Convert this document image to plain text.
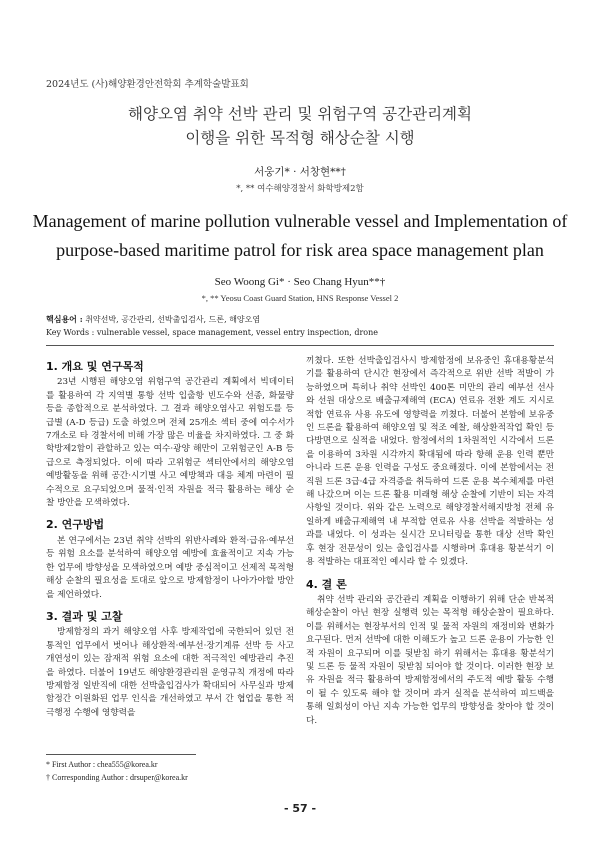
2024년도 (사)해양환경안전학회 추계학술발표회
해양오염 취약 선박 관리 및 위험구역 공간관리계획
이행을 위한 목적형 해상순찰 시행
서웅기* · 서창현**†
*, ** 여수해양경찰서 화학방제2함
Management of marine pollution vulnerable vessel and Implementation of
purpose-based maritime patrol for risk area space management plan
Seo Woong Gi* · Seo Chang Hyun**†
*, ** Yeosu Coast Guard Station, HNS Response Vessel 2
핵심용어 : 취약선박, 공간관리, 선박출입검사, 드론, 해양오염
Key Words : vulnerable vessel, space management, vessel entry inspection, drone
1. 개요 및 연구목적

23년 시행된 해양오염 위험구역 공간관리 계획에서 빅데이터를 활용하여 각 지역별 통항 선박 입출항 빈도수와 선종, 화물량 등을 종합적으로 분석하였다. 그 결과 해양오염사고 위험도를 등급별 (A-D 등급) 도출 하였으며 전체 25개소 섹터 중에 여수서가 7개소로 타 경찰서에 비해 가장 많은 비율을 차지하였다. 그 중 화학방제2함이 관할하고 있는 여수·광양 해만이 고위험군인 A-B 등급으로 측정되었다. 이에 따라 고위험군 섹터안에서의 해양오염 예방활동을 위해 공간·시기별 사고 예방책과 대응 체계 마련이 필수적으로 요구되었으며 물적·인적 자원을 적극 활용하는 해상 순찰 방안을 모색하였다.

2. 연구방법

본 연구에서는 23년 취약 선박의 위반사례와 환적·급유·예부선 등 위험 요소를 분석하여 해양오염 예방에 효율적이고 지속 가능한 업무에 방향성을 모색하였으며 예방 중심적이고 선제적 목적형 해상 순찰의 필요성을 토대로 앞으로 방제함정이 나아가야할 방안을 제언하였다.

3. 결과 및 고찰

방제함정의 과거 해양오염 사후 방제작업에 국한되어 있던 전통적인 업무에서 벗어나 해상환적·예부선·장기계류 선박 등 사고 개연성이 있는 잠재적 위험 요소에 대한 적극적인 예방관리 추진을 하였다. 더불어 19년도 해양환경관리원 운영규칙 개정에 따라 방제함정 일반직에 대한 선박출입검사가 확대되어 사무실과 방제함정간 이원화된 업무 인식을 개선하였고 부서 간 협업을 통한 적극행정 수행에 영향력을

끼쳤다. 또한 선박출입검사시 방제함정에 보유중인 휴대용황분석기를 활용하여 단시간 현장에서 즉각적으로 위반 선박 적발이 가능하였으며 특히나 취약 선박인 400톤 미만의 관리 예부선 선사와 선원 대상으로 배출규제해역 (ECA) 연료유 전환 계도 지시로 적합 연료유 사용 유도에 영향력을 끼쳤다. 더불어 본함에 보유중인 드론을 활용하여 해양오염 및 적조 예찰, 해상환적작업 확인 등 다방면으로 실적을 내었다. 함정에서의 1차원적인 시각에서 드론을 이용하여 3차원 시각까지 확대됨에 따라 항해 운용 인력 뿐만 아니라 드론 운용 인력을 구성도 중요해졌다. 이에 본함에서는 전 직원 드론 3급·4급 자격증을 취득하여 드론 운용 복수체제를 마련해 나갔으며 이는 드론 활용 미래형 해상 순찰에 기반이 되는 자격 사항일 것이다. 위와 같은 노력으로 해양경찰서해지방청 전체 유일하게 배출규제해역 내 부적합 연료유 사용 선박을 적발하는 성과를 내었다. 이 성과는 실시간 모니터링을 통한 대상 선박 확인 후 현장 전문성이 있는 출입검사를 시행하며 휴대용 황분석기 이용 적발하는 대표적인 예시라 할 수 있겠다.

4. 결 론

취약 선박 관리와 공간관리 계획을 이행하기 위해 단순 반복적 해상순찰이 아닌 현장 실행력 있는 목적형 해상순찰이 필요하다. 이를 위해서는 현장부서의 인적 및 물적 자원의 재정비와 변화가 요구된다. 먼저 선박에 대한 이해도가 높고 드론 운용이 가능한 인적 자원이 요구되며 이를 뒷받침 하기 위해서는 휴대용 황분석기 및 드론 등 물적 자원이 뒷받침 되어야 할 것이다. 이러한 현장 보유 자원을 적극 활용하여 방제함정에서의 주도적 예방 활동 수행이 될 수 있도록 해야 할 것이며 과거 실적을 분석하여 피드백을 통해 일회성이 아닌 지속 가능한 업무의 방향성을 찾아야 할 것이다.

* First Author : chea555@korea.kr
† Corresponding Author : drsuper@korea.kr
- 57 -
